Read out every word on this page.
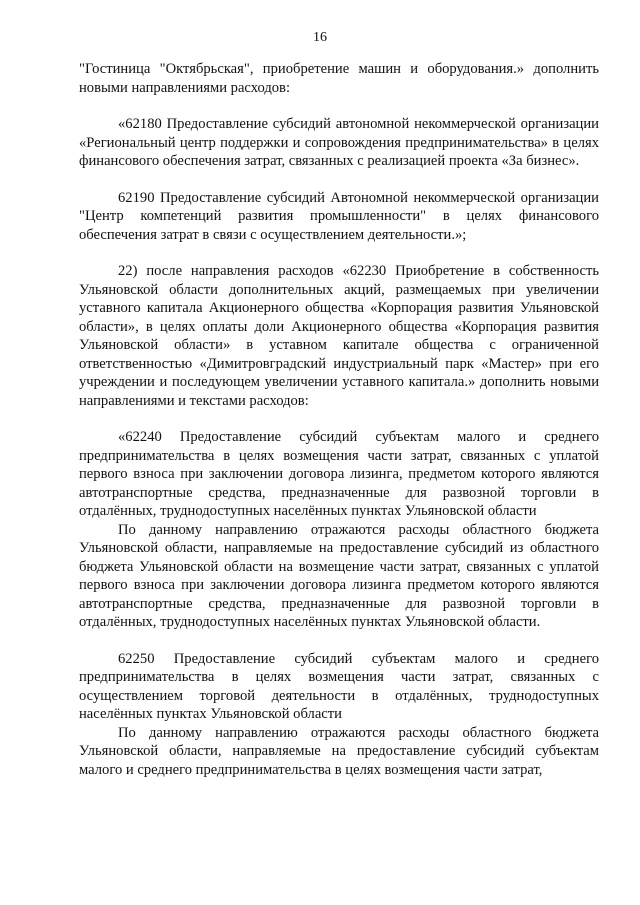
16

"Гостиница "Октябрьская", приобретение машин и оборудования.» дополнить новыми направлениями расходов:

«62180 Предоставление субсидий автономной некоммерческой организации «Региональный центр поддержки и сопровождения предпринимательства» в целях финансового обеспечения затрат, связанных с реализацией проекта «За бизнес».

62190 Предоставление субсидий Автономной некоммерческой организации "Центр компетенций развития промышленности" в целях финансового обеспечения затрат в связи с осуществлением деятельности.»;

22) после направления расходов «62230 Приобретение в собственность Ульяновской области дополнительных акций, размещаемых при увеличении уставного капитала Акционерного общества «Корпорация развития Ульяновской области», в целях оплаты доли Акционерного общества «Корпорация развития Ульяновской области» в уставном капитале общества с ограниченной ответственностью «Димитровградский индустриальный парк «Мастер» при его учреждении и последующем увеличении уставного капитала.» дополнить новыми направлениями и текстами расходов:

«62240 Предоставление субсидий субъектам малого и среднего предпринимательства в целях возмещения части затрат, связанных с уплатой первого взноса при заключении договора лизинга, предметом которого являются автотранспортные средства, предназначенные для развозной торговли в отдалённых, труднодоступных населённых пунктах Ульяновской области

По данному направлению отражаются расходы областного бюджета Ульяновской области, направляемые на предоставление субсидий из областного бюджета Ульяновской области на возмещение части затрат, связанных с уплатой первого взноса при заключении договора лизинга предметом которого являются автотранспортные средства, предназначенные для развозной торговли в отдалённых, труднодоступных населённых пунктах Ульяновской области.

62250 Предоставление субсидий субъектам малого и среднего предпринимательства в целях возмещения части затрат, связанных с осуществлением торговой деятельности в отдалённых, труднодоступных населённых пунктах Ульяновской области

По данному направлению отражаются расходы областного бюджета Ульяновской области, направляемые на предоставление субсидий субъектам малого и среднего предпринимательства в целях возмещения части затрат,
